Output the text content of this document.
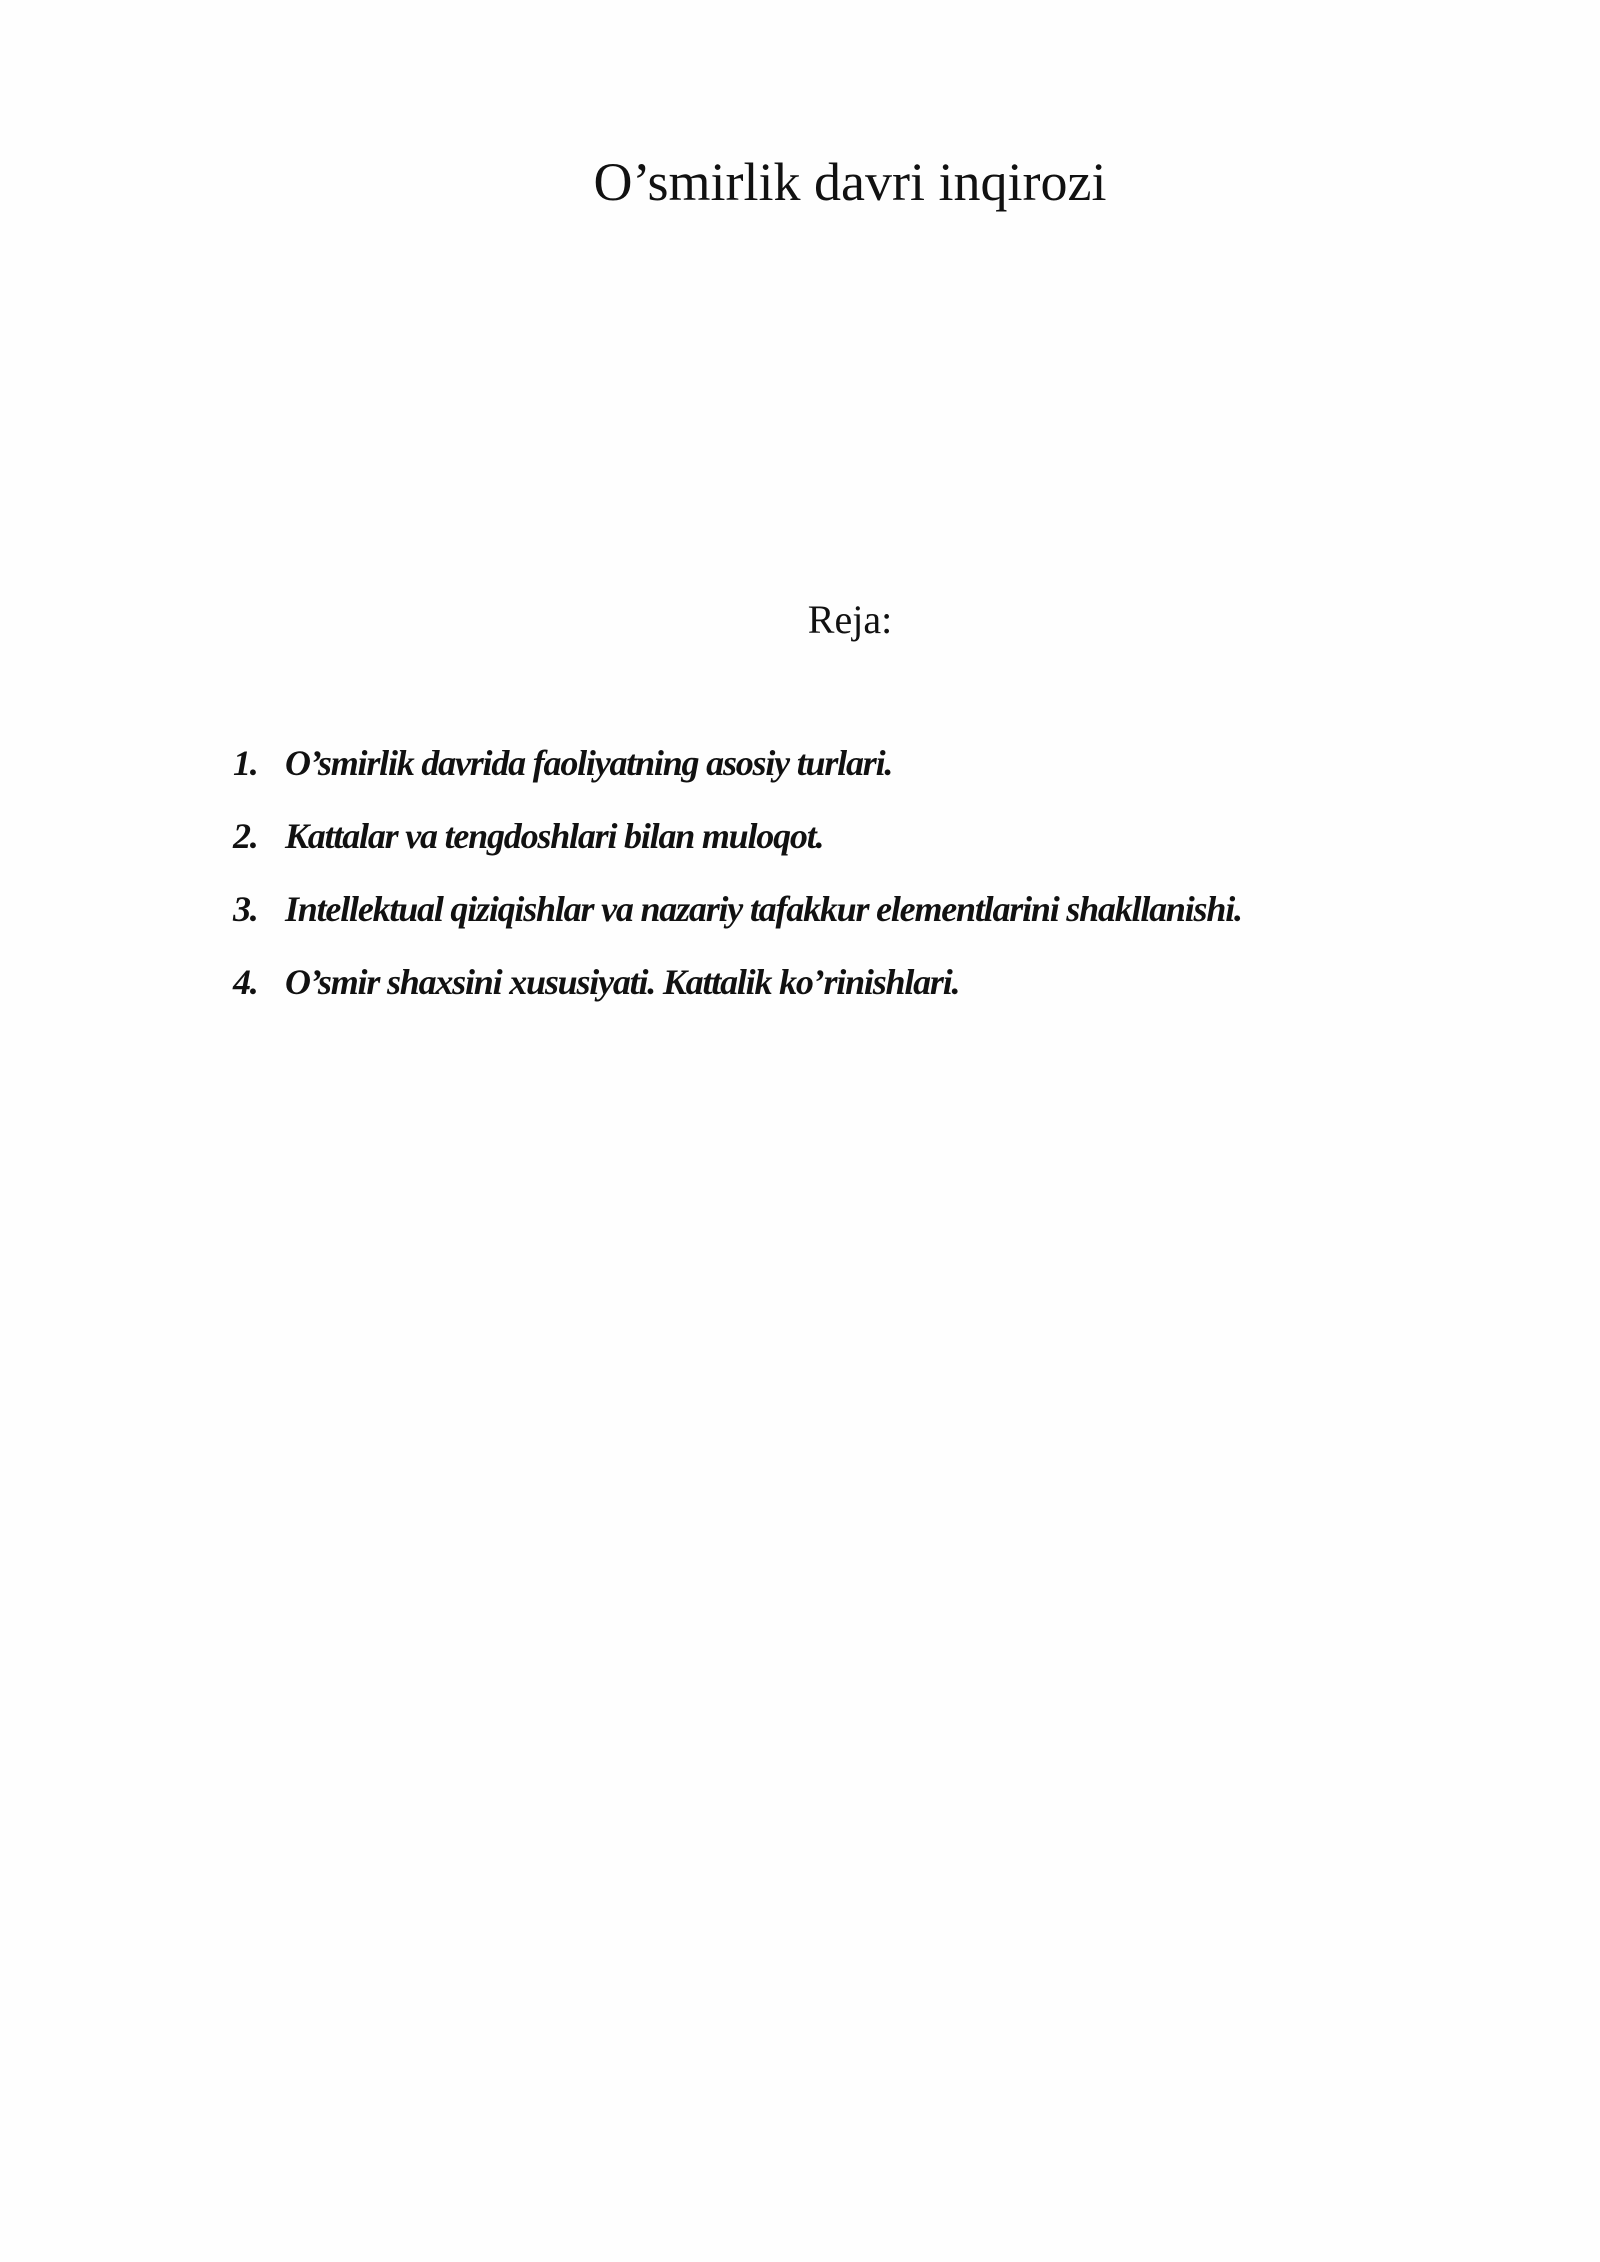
O’smirlik davri inqirozi
Reja:
1. O’smirlik davrida faoliyatning asosiy turlari.
2. Kattalar va tengdoshlari bilan muloqot.
3. Intellektual qiziqishlar va nazariy tafakkur elementlarini shakllanishi.
4. O’smir shaxsini xususiyati. Kattalik ko’rinishlari.
